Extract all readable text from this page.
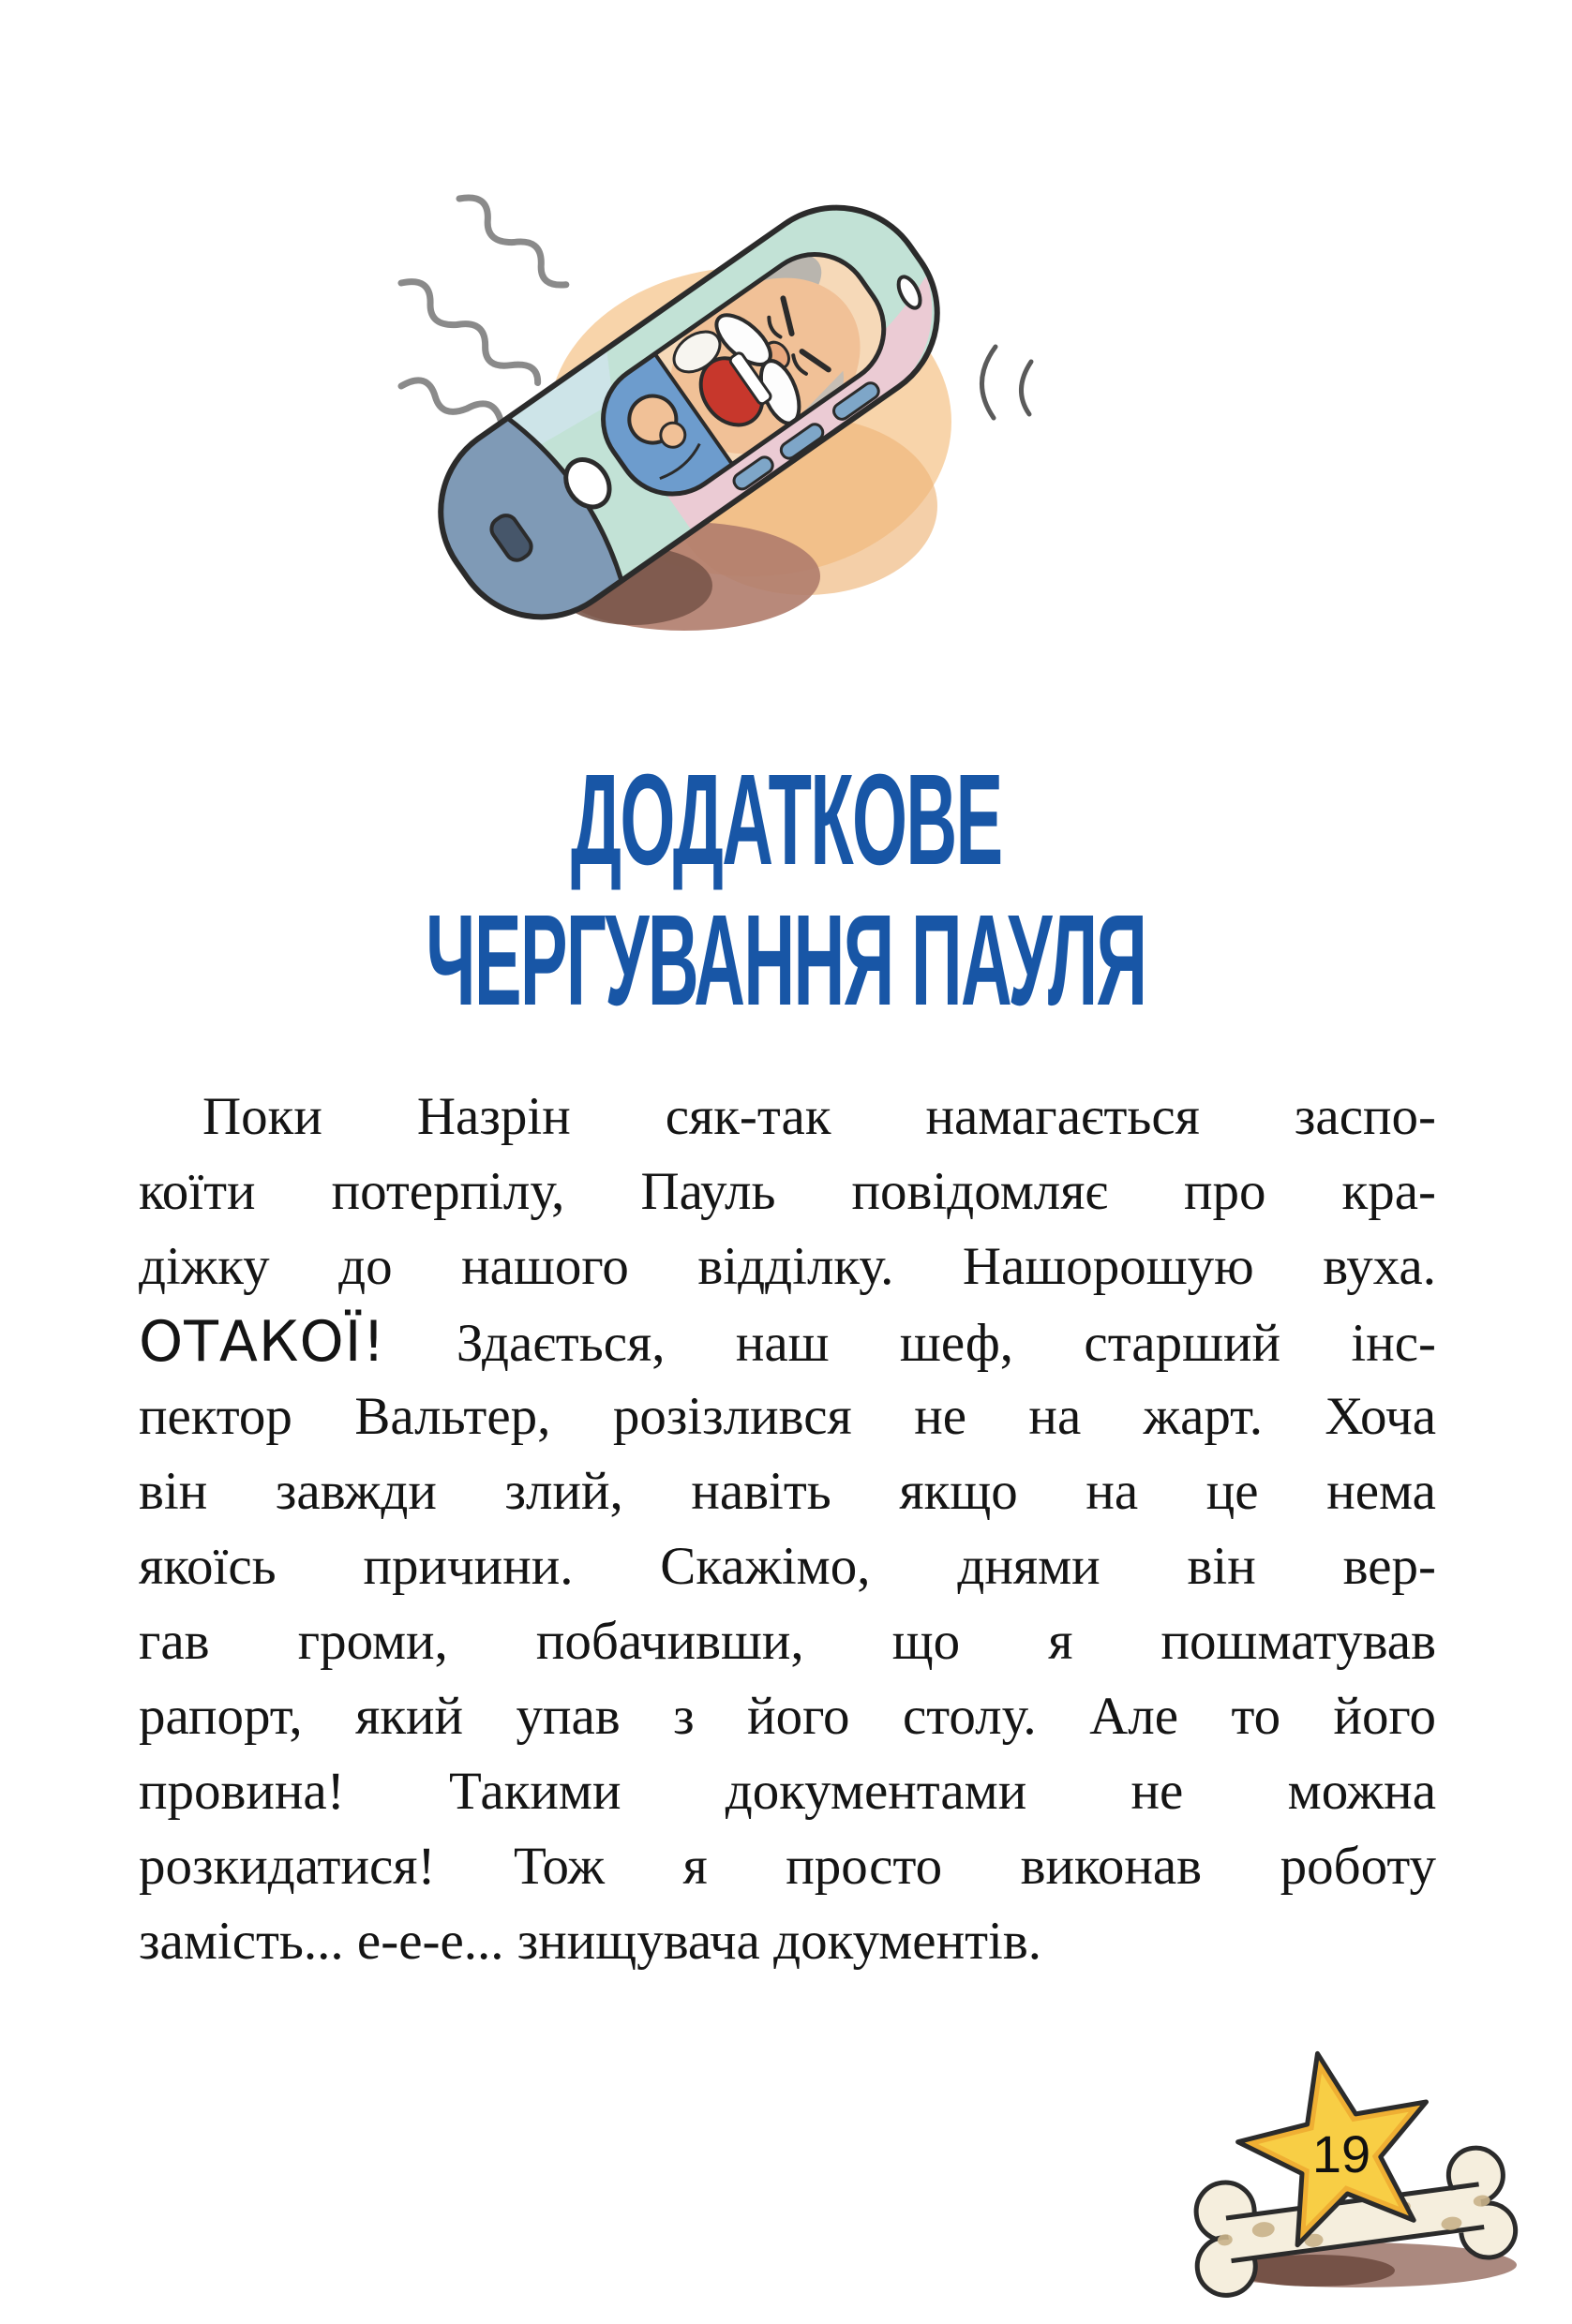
ДОДАТКОВЕ
ЧЕРГУВАННЯ ПАУЛЯ
Поки Назрін сяк-так намагається заспо-
коїти потерпілу, Пауль повідомляє про кра-
діжку до нашого відділку. Нашорошую вуха.
ОТАКОЇ! Здається, наш шеф, старший інс-
пектор Вальтер, розізлився не на жарт. Хоча
він завжди злий, навіть якщо на це нема
якоїсь причини. Скажімо, днями він вер-
гав громи, побачивши, що я пошматував
рапорт, який упав з його столу. Але то його
провина! Такими документами не можна
розкидатися! Тож я просто виконав роботу
замість... е-е-е... знищувача документів.
19
